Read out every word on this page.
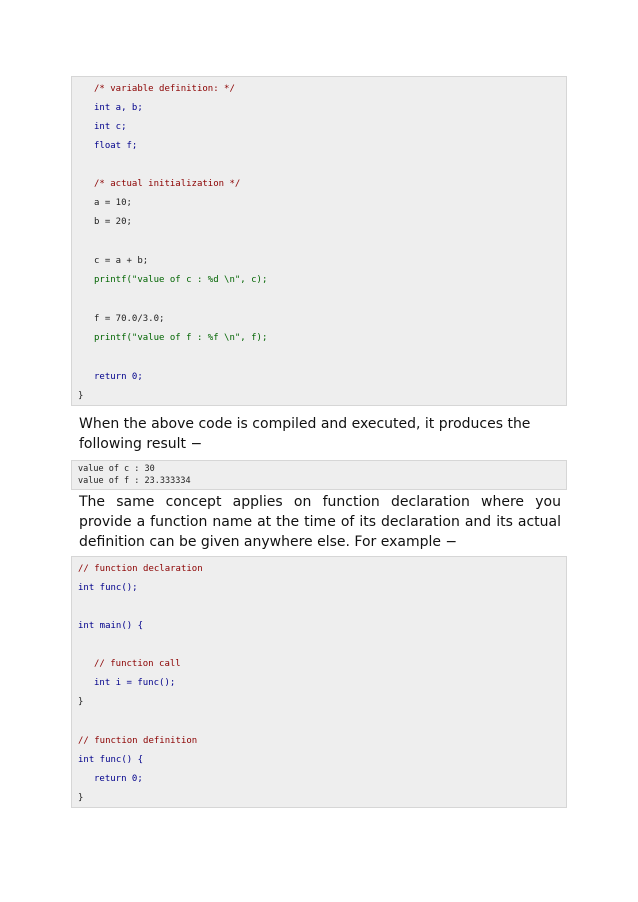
/* variable definition: */
int a, b;
int c;
float f;
/* actual initialization */
a = 10;
b = 20;
c = a + b;
printf("value of c : %d \n", c);
f = 70.0/3.0;
printf("value of f : %f \n", f);
return 0;
}
When the above code is compiled and executed, it produces the following result −
value of c : 30
value of f : 23.333334
The same concept applies on function declaration where you provide a function name at the time of its declaration and its actual definition can be given anywhere else. For example −
// function declaration
int func();
int main() {
// function call
int i = func();
}
// function definition
int func() {
return 0;
}
